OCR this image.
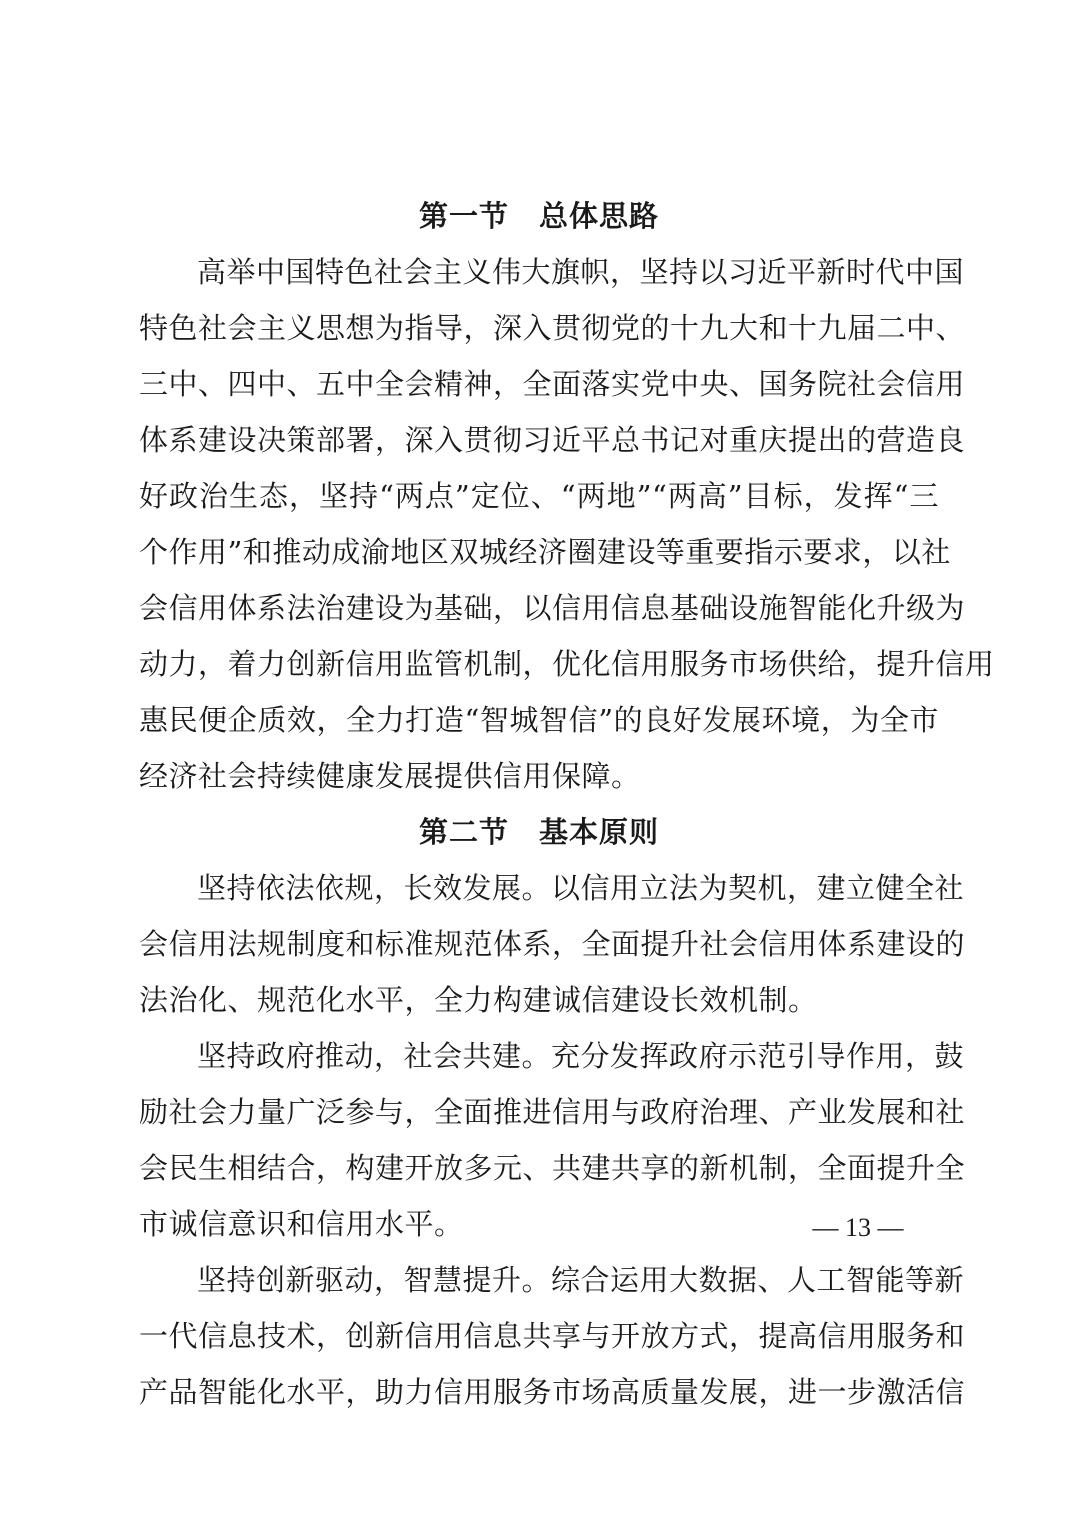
第一节　总体思路

高举中国特色社会主义伟大旗帜，坚持以习近平新时代中国
特色社会主义思想为指导，深入贯彻党的十九大和十九届二中、
三中、四中、五中全会精神，全面落实党中央、国务院社会信用
体系建设决策部署，深入贯彻习近平总书记对重庆提出的营造良
好政治生态，坚持“两点”定位、“两地”“两高”目标，发挥“三
个作用”和推动成渝地区双城经济圈建设等重要指示要求，以社
会信用体系法治建设为基础，以信用信息基础设施智能化升级为
动力，着力创新信用监管机制，优化信用服务市场供给，提升信用
惠民便企质效，全力打造“智城智信”的良好发展环境，为全市
经济社会持续健康发展提供信用保障。

第二节　基本原则

坚持依法依规，长效发展。以信用立法为契机，建立健全社
会信用法规制度和标准规范体系，全面提升社会信用体系建设的
法治化、规范化水平，全力构建诚信建设长效机制。

坚持政府推动，社会共建。充分发挥政府示范引导作用，鼓
励社会力量广泛参与，全面推进信用与政府治理、产业发展和社
会民生相结合，构建开放多元、共建共享的新机制，全面提升全
市诚信意识和信用水平。

坚持创新驱动，智慧提升。综合运用大数据、人工智能等新
一代信息技术，创新信用信息共享与开放方式，提高信用服务和
产品智能化水平，助力信用服务市场高质量发展，进一步激活信

— 13 —
